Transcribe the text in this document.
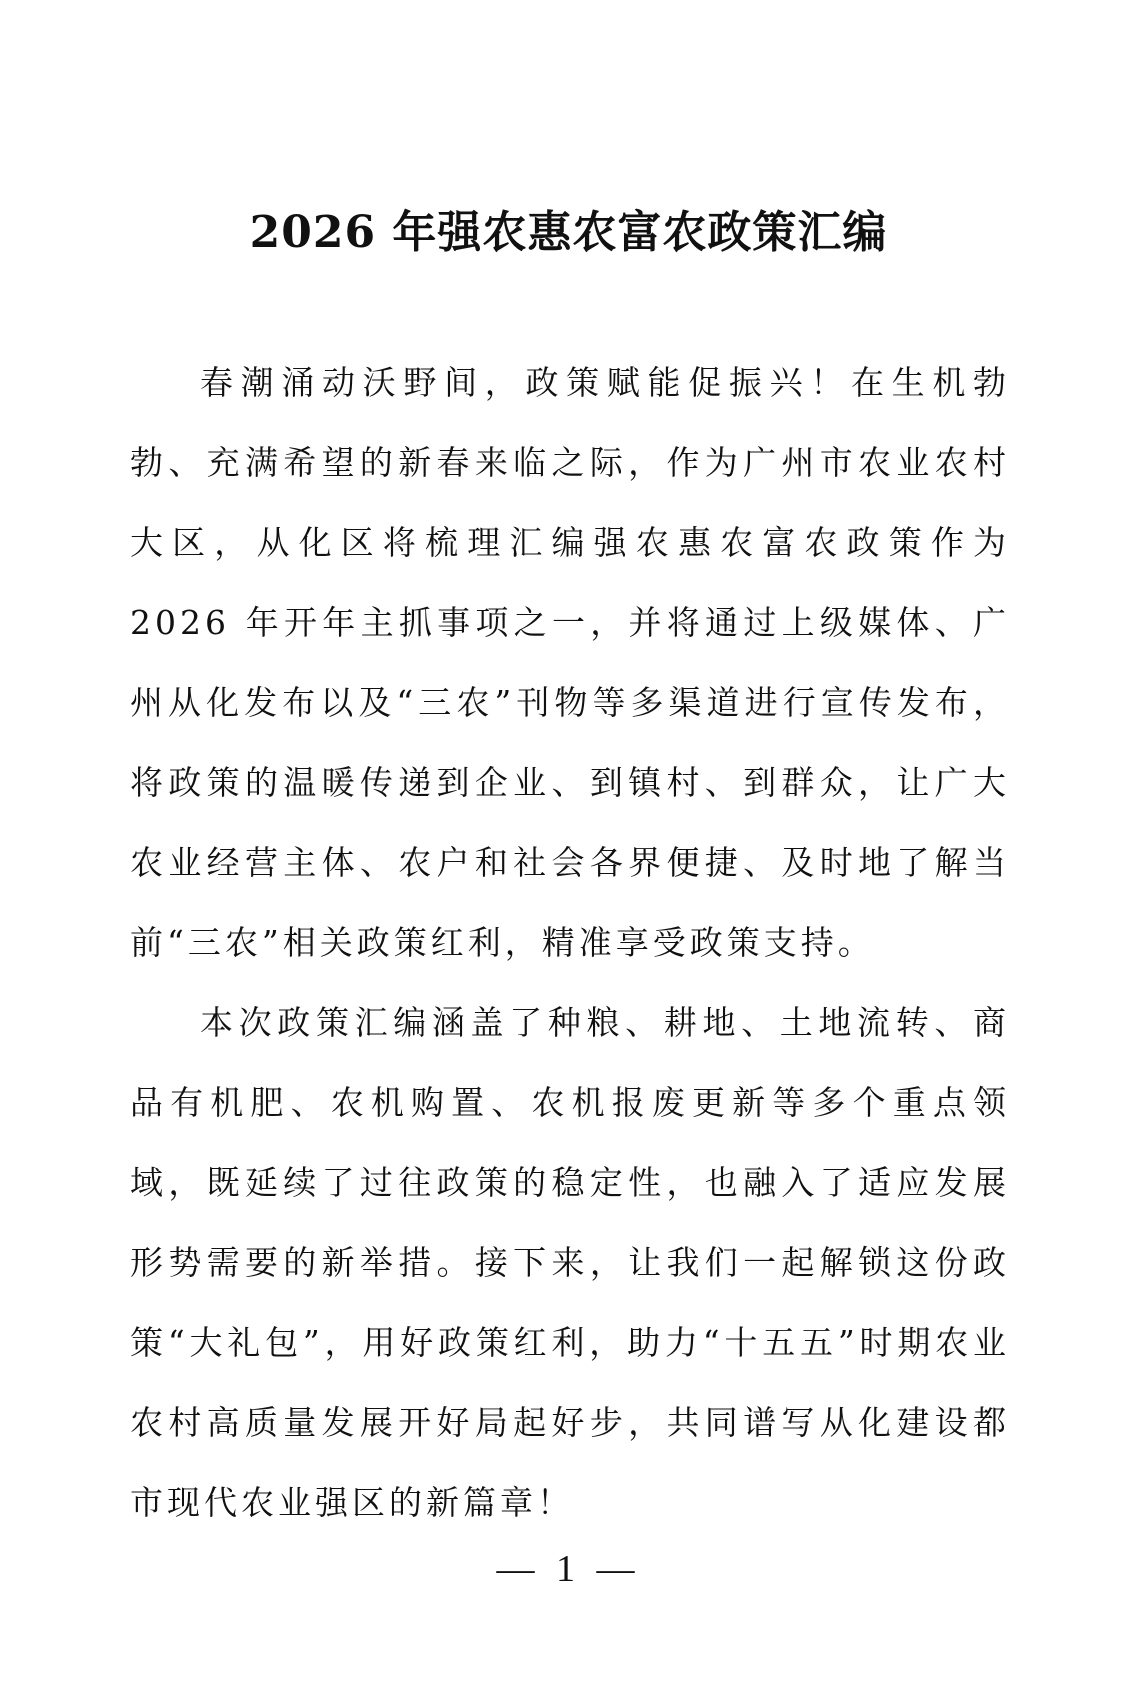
2026 年强农惠农富农政策汇编

春潮涌动沃野间，政策赋能促振兴！在生机勃勃、充满希望的新春来临之际，作为广州市农业农村大区，从化区将梳理汇编强农惠农富农政策作为 2026 年开年主抓事项之一，并将通过上级媒体、广州从化发布以及“三农”刊物等多渠道进行宣传发布，将政策的温暖传递到企业、到镇村、到群众，让广大农业经营主体、农户和社会各界便捷、及时地了解当前“三农”相关政策红利，精准享受政策支持。

本次政策汇编涵盖了种粮、耕地、土地流转、商品有机肥、农机购置、农机报废更新等多个重点领域，既延续了过往政策的稳定性，也融入了适应发展形势需要的新举措。接下来，让我们一起解锁这份政策“大礼包”，用好政策红利，助力“十五五”时期农业农村高质量发展开好局起好步，共同谱写从化建设都市现代农业强区的新篇章！

— 1 —
